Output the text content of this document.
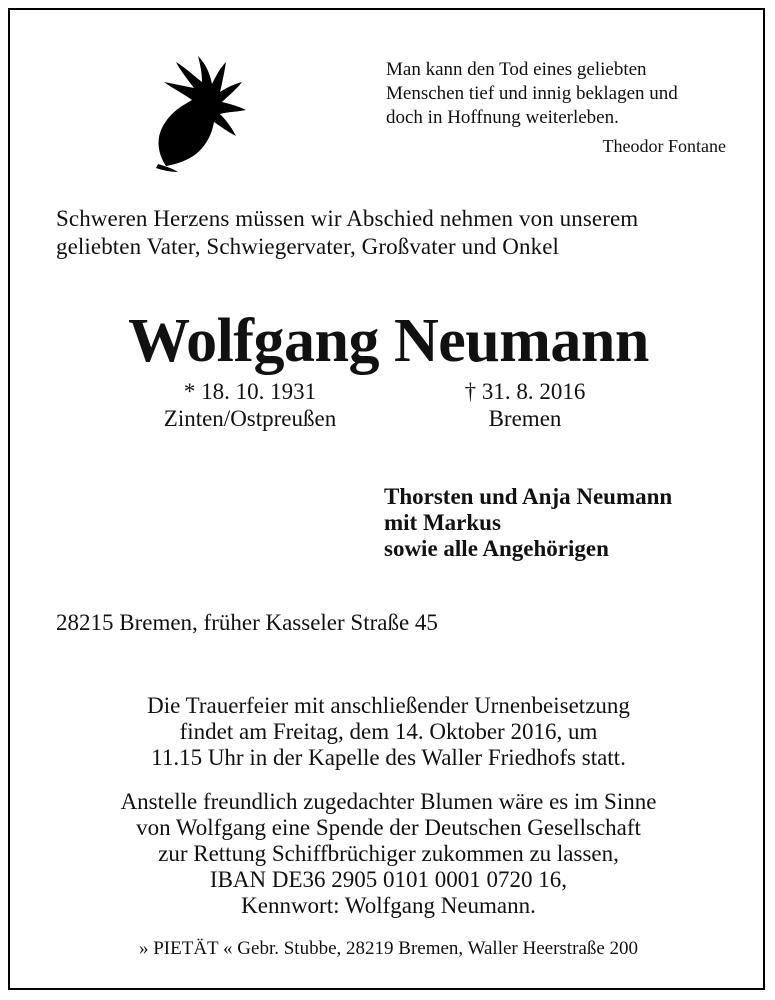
Man kann den Tod eines geliebten
Menschen tief und innig beklagen und
doch in Hoffnung weiterleben.
Theodor Fontane
Schweren Herzens müssen wir Abschied nehmen von unserem
geliebten Vater, Schwiegervater, Großvater und Onkel
Wolfgang Neumann
* 18. 10. 1931
Zinten/Ostpreußen
† 31. 8. 2016
Bremen
Thorsten und Anja Neumann
mit Markus
sowie alle Angehörigen
28215 Bremen, früher Kasseler Straße 45
Die Trauerfeier mit anschließender Urnenbeisetzung
findet am Freitag, dem 14. Oktober 2016, um
11.15 Uhr in der Kapelle des Waller Friedhofs statt.
Anstelle freundlich zugedachter Blumen wäre es im Sinne
von Wolfgang eine Spende der Deutschen Gesellschaft
zur Rettung Schiffbrüchiger zukommen zu lassen,
IBAN DE36 2905 0101 0001 0720 16,
Kennwort: Wolfgang Neumann.
» PIETÄT « Gebr. Stubbe, 28219 Bremen, Waller Heerstraße 200
